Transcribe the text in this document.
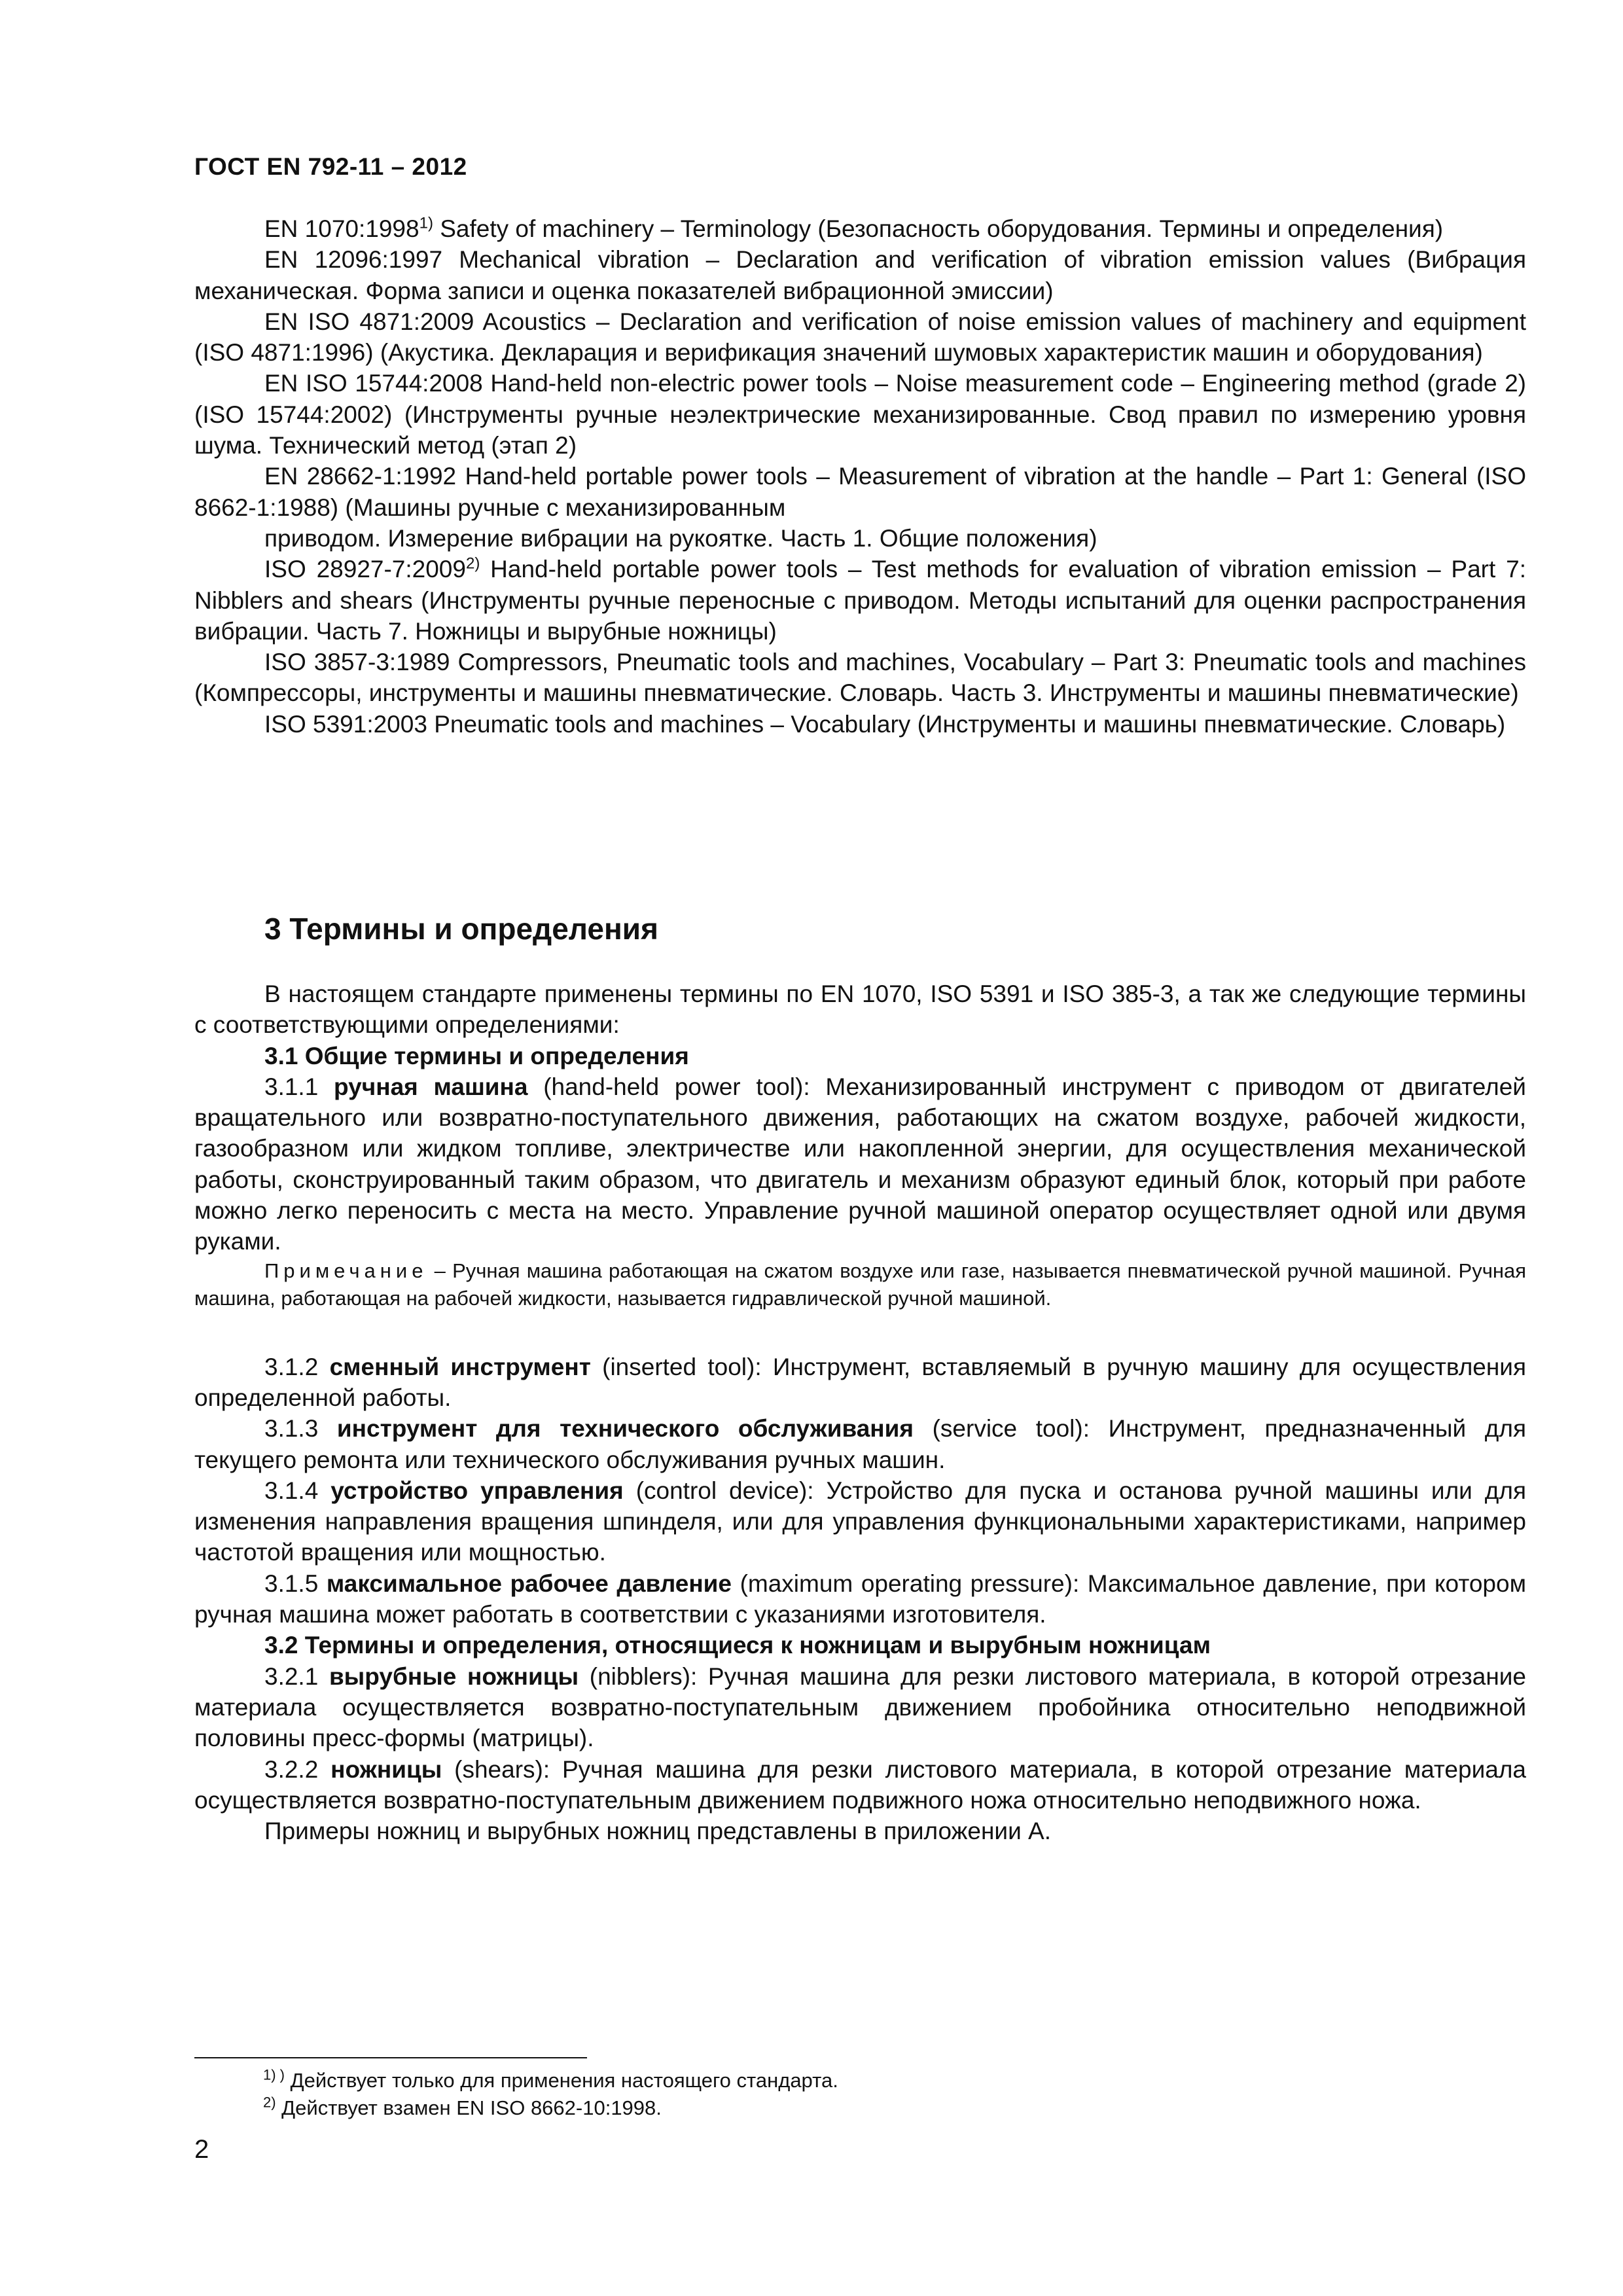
ГОСТ EN 792-11 – 2012

EN 1070:1998$^{1)}$ Safety of machinery – Terminology (Безопасность оборудования. Термины и определения)

EN 12096:1997 Mechanical vibration – Declaration and verification of vibration emission values (Вибрация механическая. Форма записи и оценка показателей вибрационной эмиссии)

EN ISO 4871:2009 Acoustics – Declaration and verification of noise emission values of machinery and equipment (ISO 4871:1996) (Акустика. Декларация и верификация значений шумовых характеристик машин и оборудования)

EN ISO 15744:2008 Hand-held non-electric power tools – Noise measurement code – Engineering method (grade 2) (ISO 15744:2002) (Инструменты ручные неэлектрические механизированные. Свод правил по измерению уровня шума. Технический метод (этап 2)

EN 28662-1:1992 Hand-held portable power tools – Measurement of vibration at the handle – Part 1: General (ISO 8662-1:1988) (Машины ручные с механизированным

приводом. Измерение вибрации на рукоятке. Часть 1. Общие положения)

ISO 28927-7:2009$^{2)}$ Hand-held portable power tools – Test methods for evaluation of vibration emission – Part 7: Nibblers and shears (Инструменты ручные переносные с приводом. Методы испытаний для оценки распространения вибрации. Часть 7. Ножницы и вырубные ножницы)

ISO 3857-3:1989 Compressors, Pneumatic tools and machines, Vocabulary – Part 3: Pneumatic tools and machines (Компрессоры, инструменты и машины пневматические. Словарь. Часть 3. Инструменты и машины пневматические)

ISO 5391:2003 Pneumatic tools and machines – Vocabulary (Инструменты и машины пневматические. Словарь)

3 Термины и определения

В настоящем стандарте применены термины по EN 1070, ISO 5391 и ISO 385-3, а так же следующие термины с соответствующими определениями:

3.1 Общие термины и определения

3.1.1 ручная машина (hand-held power tool): Механизированный инструмент с приводом от двигателей вращательного или возвратно-поступательного движения, работающих на сжатом воздухе, рабочей жидкости, газообразном или жидком топливе, электричестве или накопленной энергии, для осуществления механической работы, сконструированный таким образом, что двигатель и механизм образуют единый блок, который при работе можно легко переносить с места на место. Управление ручной машиной оператор осуществляет одной или двумя руками.

Примечание – Ручная машина работающая на сжатом воздухе или газе, называется пневматической ручной машиной. Ручная машина, работающая на рабочей жидкости, называется гидравлической ручной машиной.

3.1.2 сменный инструмент (inserted tool): Инструмент, вставляемый в ручную машину для осуществления определенной работы.

3.1.3 инструмент для технического обслуживания (service tool): Инструмент, предназначенный для текущего ремонта или технического обслуживания ручных машин.

3.1.4 устройство управления (control device): Устройство для пуска и останова ручной машины или для изменения направления вращения шпинделя, или для управления функциональными характеристиками, например частотой вращения или мощностью.

3.1.5 максимальное рабочее давление (maximum operating pressure): Максимальное давление, при котором ручная машина может работать в соответствии с указаниями изготовителя.

3.2 Термины и определения, относящиеся к ножницам и вырубным ножницам

3.2.1 вырубные ножницы (nibblers): Ручная машина для резки листового материала, в которой отрезание материала осуществляется возвратно-поступательным движением пробойника относительно неподвижной половины пресс-формы (матрицы).

3.2.2 ножницы (shears): Ручная машина для резки листового материала, в которой отрезание материала осуществляется возвратно-поступательным движением подвижного ножа относительно неподвижного ножа.

Примеры ножниц и вырубных ножниц представлены в приложении А.

$^{1) )}$ Действует только для применения настоящего стандарта.
$^{2)}$ Действует взамен EN ISO 8662-10:1998.
2
